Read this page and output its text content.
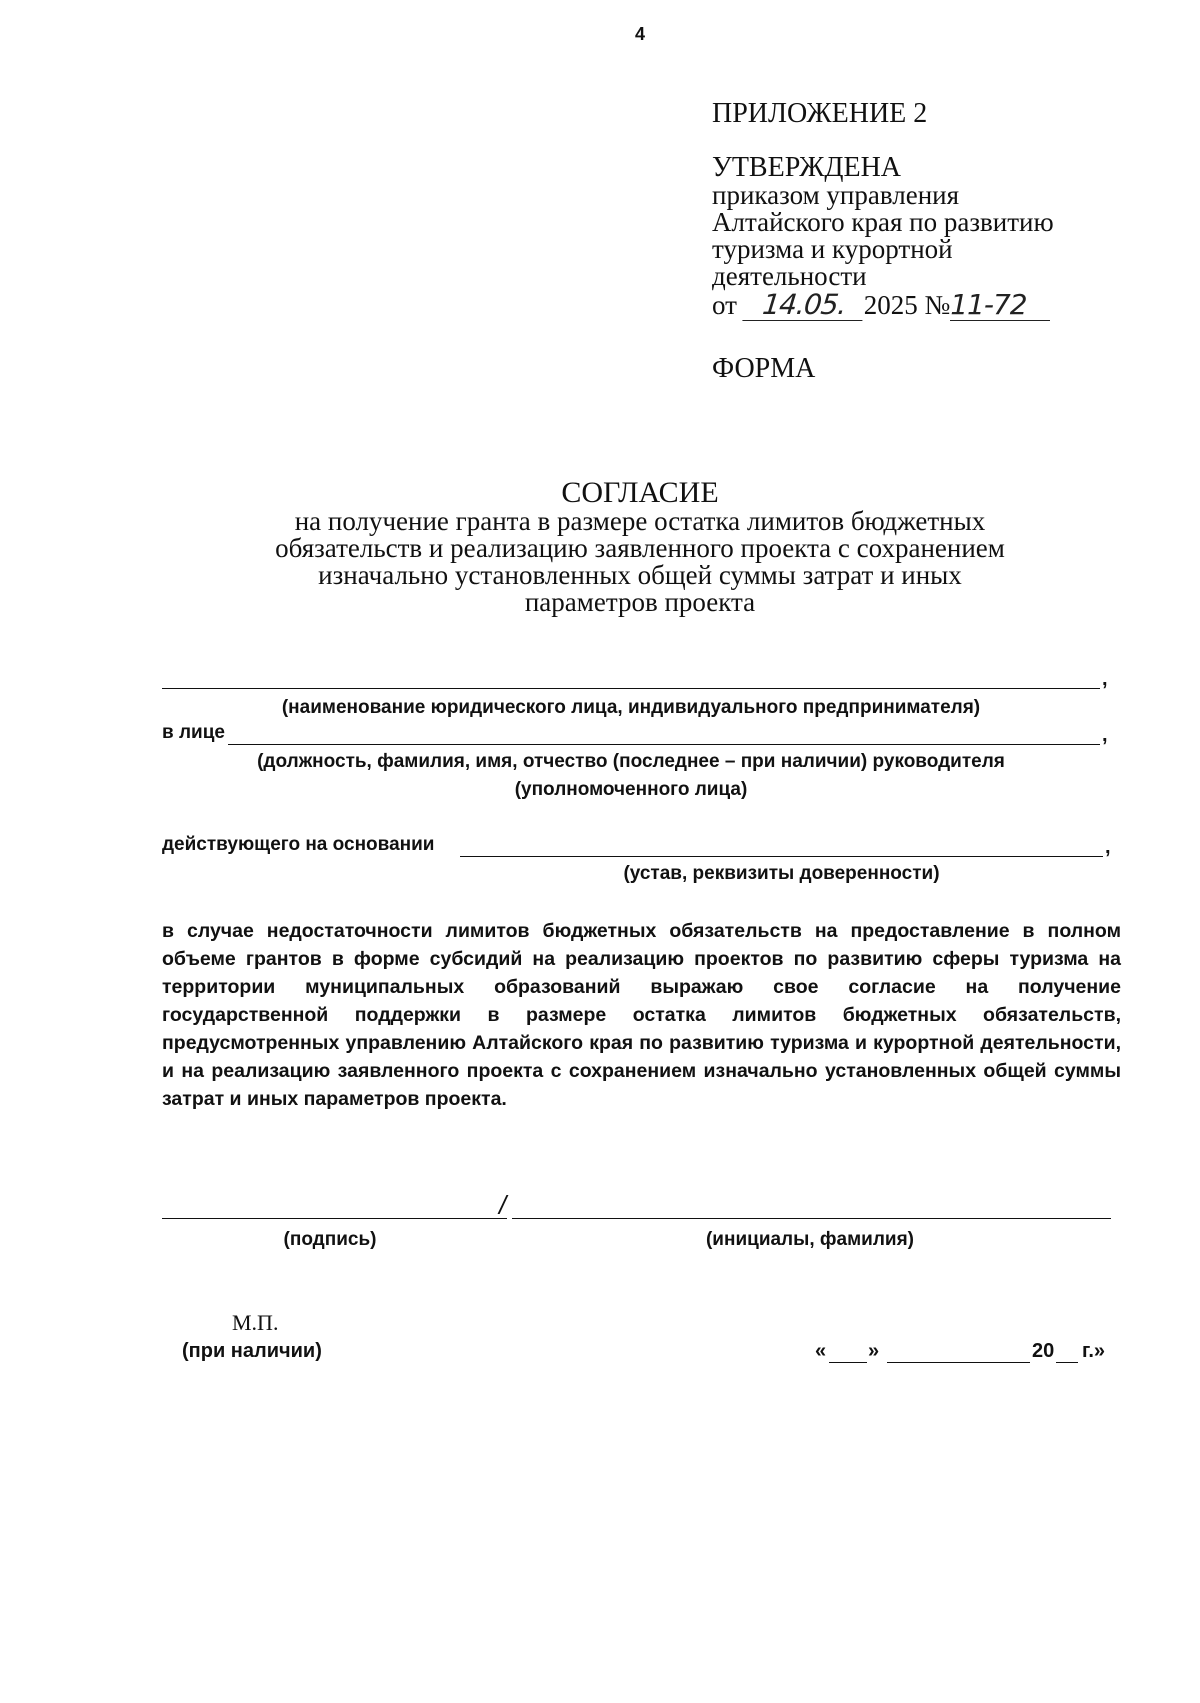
4
ПРИЛОЖЕНИЕ 2
УТВЕРЖДЕНА
приказом управления
Алтайского края по развитию
туризма и курортной
деятельности
от 14.05. 2025 №11-72
ФОРМА
СОГЛАСИЕ
на получение гранта в размере остатка лимитов бюджетных
обязательств и реализацию заявленного проекта с сохранением
изначально установленных общей суммы затрат и иных
параметров проекта
,
(наименование юридического лица, индивидуального предпринимателя)
в лице	,
(должность, фамилия, имя, отчество (последнее – при наличии) руководителя
(уполномоченного лица)
действующего на основании	,
(устав, реквизиты доверенности)
в случае недостаточности лимитов бюджетных обязательств на предоставление в полном объеме грантов в форме субсидий на реализацию проектов по развитию сферы туризма на территории муниципальных образований выражаю свое согласие на получение государственной поддержки в размере остатка лимитов бюджетных обязательств, предусмотренных управлению Алтайского края по развитию туризма и курортной деятельности, и на реализацию заявленного проекта с сохранением изначально установленных общей суммы затрат и иных параметров проекта.
/
(подпись)	(инициалы, фамилия)
М.П.
(при наличии)	« »	20 г.»
